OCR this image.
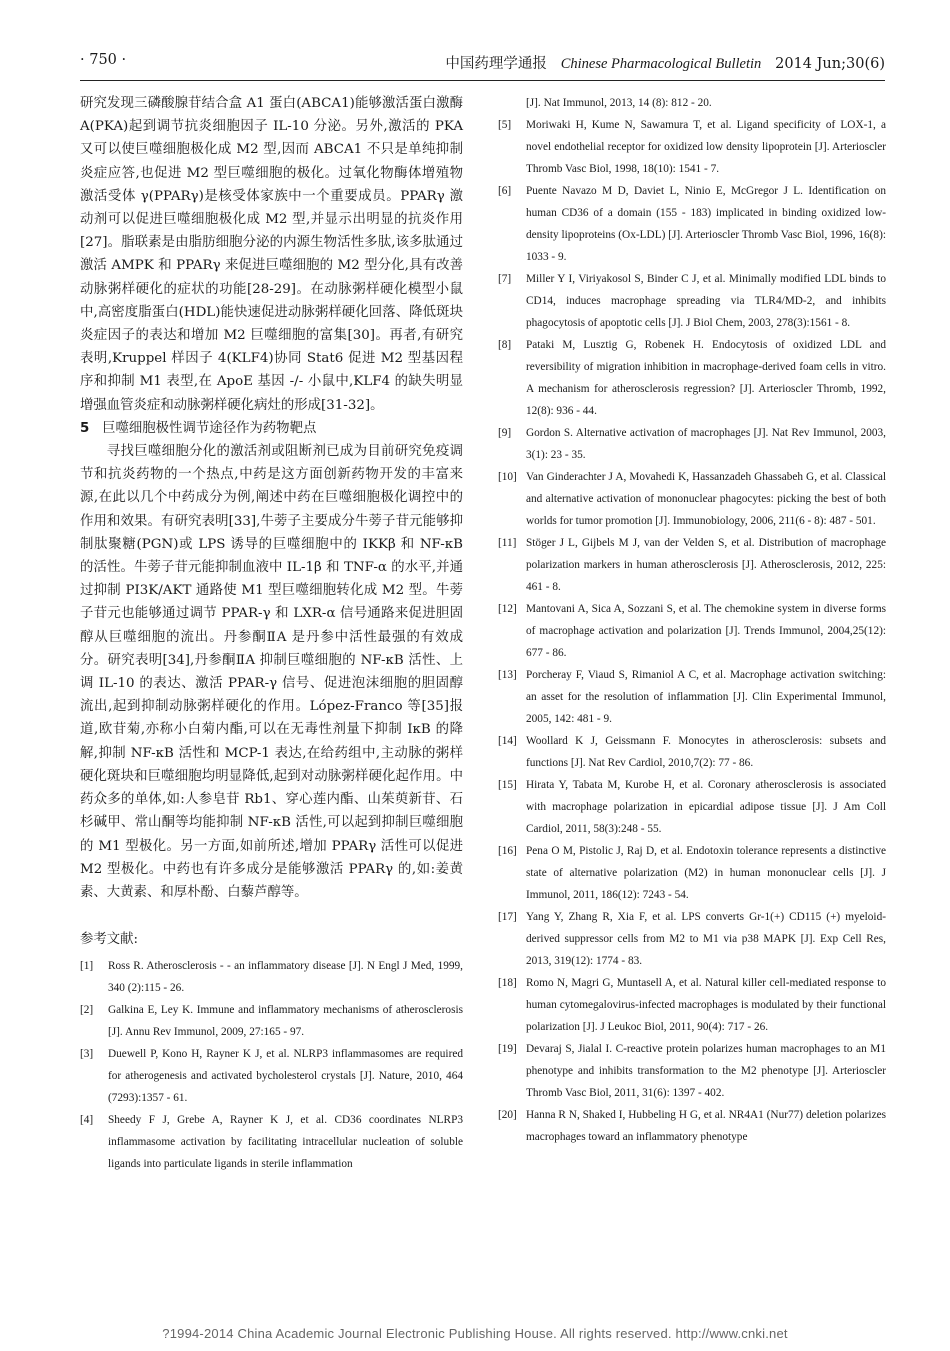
· 750 ·	中国药理学通报 Chinese Pharmacological Bulletin 2014 Jun;30(6)

研究发现三磷酸腺苷结合盒 A1 蛋白(ABCA1)能够激活蛋白激酶 A(PKA)起到调节抗炎细胞因子 IL-10 分泌。另外,激活的 PKA 又可以使巨噬细胞极化成 M2 型,因而 ABCA1 不只是单纯抑制炎症应答,也促进 M2 型巨噬细胞的极化。过氧化物酶体增殖物激活受体 γ(PPARγ)是核受体家族中一个重要成员。PPARγ 激动剂可以促进巨噬细胞极化成 M2 型,并显示出明显的抗炎作用[27]。脂联素是由脂肪细胞分泌的内源生物活性多肽,该多肽通过激活 AMPK 和 PPARγ 来促进巨噬细胞的 M2 型分化,具有改善动脉粥样硬化的症状的功能[28-29]。在动脉粥样硬化模型小鼠中,高密度脂蛋白(HDL)能快速促进动脉粥样硬化回落、降低斑块炎症因子的表达和增加 M2 巨噬细胞的富集[30]。再者,有研究表明,Kruppel 样因子 4(KLF4)协同 Stat6 促进 M2 型基因程序和抑制 M1 表型,在 ApoE 基因 -/- 小鼠中,KLF4 的缺失明显增强血管炎症和动脉粥样硬化病灶的形成[31-32]。

5 巨噬细胞极性调节途径作为药物靶点

寻找巨噬细胞分化的激活剂或阻断剂已成为目前研究免疫调节和抗炎药物的一个热点,中药是这方面创新药物开发的丰富来源,在此以几个中药成分为例,阐述中药在巨噬细胞极化调控中的作用和效果。有研究表明[33],牛蒡子主要成分牛蒡子苷元能够抑制肽聚糖(PGN)或 LPS 诱导的巨噬细胞中的 IKKβ 和 NF-κB 的活性。牛蒡子苷元能抑制血液中 IL-1β 和 TNF-α 的水平,并通过抑制 PI3K/AKT 通路使 M1 型巨噬细胞转化成 M2 型。牛蒡子苷元也能够通过调节 PPAR-γ 和 LXR-α 信号通路来促进胆固醇从巨噬细胞的流出。丹参酮ⅡA 是丹参中活性最强的有效成分。研究表明[34],丹参酮ⅡA 抑制巨噬细胞的 NF-κB 活性、上调 IL-10 的表达、激活 PPAR-γ 信号、促进泡沫细胞的胆固醇流出,起到抑制动脉粥样硬化的作用。López-Franco 等[35]报道,欧苷菊,亦称小白菊内酯,可以在无毒性剂量下抑制 IκB 的降解,抑制 NF-κB 活性和 MCP-1 表达,在给药组中,主动脉的粥样硬化斑块和巨噬细胞均明显降低,起到对动脉粥样硬化起作用。中药众多的单体,如:人参皂苷 Rb1、穿心莲内酯、山茱萸新苷、石杉碱甲、常山酮等均能抑制 NF-κB 活性,可以起到抑制巨噬细胞的 M1 型极化。另一方面,如前所述,增加 PPARγ 活性可以促进 M2 型极化。中药也有许多成分是能够激活 PPARγ 的,如:姜黄素、大黄素、和厚朴酚、白藜芦醇等。

参考文献:

[1]	Ross R. Atherosclerosis - - an inflammatory disease [J]. N Engl J Med, 1999, 340 (2):115 - 26.

[2]	Galkina E, Ley K. Immune and inflammatory mechanisms of atherosclerosis [J]. Annu Rev Immunol, 2009, 27:165 - 97.

[3]	Duewell P, Kono H, Rayner K J, et al. NLRP3 inflammasomes are required for atherogenesis and activated bycholesterol crystals [J]. Nature, 2010, 464 (7293):1357 - 61.

[4]	Sheedy F J, Grebe A, Rayner K J, et al. CD36 coordinates NLRP3 inflammasome activation by facilitating intracellular nucleation of soluble ligands into particulate ligands in sterile inflammation

[J]. Nat Immunol, 2013, 14 (8): 812 - 20.

[5]	Moriwaki H, Kume N, Sawamura T, et al. Ligand specificity of LOX-1, a novel endothelial receptor for oxidized low density lipoprotein [J]. Arterioscler Thromb Vasc Biol, 1998, 18(10): 1541 - 7.

[6]	Puente Navazo M D, Daviet L, Ninio E, McGregor J L. Identification on human CD36 of a domain (155 - 183) implicated in binding oxidized low-density lipoproteins (Ox-LDL) [J]. Arterioscler Thromb Vasc Biol, 1996, 16(8): 1033 - 9.

[7]	Miller Y I, Viriyakosol S, Binder C J, et al. Minimally modified LDL binds to CD14, induces macrophage spreading via TLR4/MD-2, and inhibits phagocytosis of apoptotic cells [J]. J Biol Chem, 2003, 278(3):1561 - 8.

[8]	Pataki M, Lusztig G, Robenek H. Endocytosis of oxidized LDL and reversibility of migration inhibition in macrophage-derived foam cells in vitro. A mechanism for atherosclerosis regression? [J]. Arterioscler Thromb, 1992, 12(8): 936 - 44.

[9]	Gordon S. Alternative activation of macrophages [J]. Nat Rev Immunol, 2003, 3(1): 23 - 35.

[10] Van Ginderachter J A, Movahedi K, Hassanzadeh Ghassabeh G, et al. Classical and alternative activation of mononuclear phagocytes: picking the best of both worlds for tumor promotion [J]. Immunobiology, 2006, 211(6 - 8): 487 - 501.

[11] Stöger J L, Gijbels M J, van der Velden S, et al. Distribution of macrophage polarization markers in human atherosclerosis [J]. Atherosclerosis, 2012, 225: 461 - 8.

[12] Mantovani A, Sica A, Sozzani S, et al. The chemokine system in diverse forms of macrophage activation and polarization [J]. Trends Immunol, 2004,25(12): 677 - 86.

[13] Porcheray F, Viaud S, Rimaniol A C, et al. Macrophage activation switching: an asset for the resolution of inflammation [J]. Clin Experimental Immunol, 2005, 142: 481 - 9.

[14] Woollard K J, Geissmann F. Monocytes in atherosclerosis: subsets and functions [J]. Nat Rev Cardiol, 2010,7(2): 77 - 86.

[15] Hirata Y, Tabata M, Kurobe H, et al. Coronary atherosclerosis is associated with macrophage polarization in epicardial adipose tissue [J]. J Am Coll Cardiol, 2011, 58(3):248 - 55.

[16] Pena O M, Pistolic J, Raj D, et al. Endotoxin tolerance represents a distinctive state of alternative polarization (M2) in human mononuclear cells [J]. J Immunol, 2011, 186(12): 7243 - 54.

[17] Yang Y, Zhang R, Xia F, et al. LPS converts Gr-1(+) CD115 (+) myeloid-derived suppressor cells from M2 to M1 via p38 MAPK [J]. Exp Cell Res, 2013, 319(12): 1774 - 83.

[18] Romo N, Magri G, Muntasell A, et al. Natural killer cell-mediated response to human cytomegalovirus-infected macrophages is modulated by their functional polarization [J]. J Leukoc Biol, 2011, 90(4): 717 - 26.

[19] Devaraj S, Jialal I. C-reactive protein polarizes human macrophages to an M1 phenotype and inhibits transformation to the M2 phenotype [J]. Arterioscler Thromb Vasc Biol, 2011, 31(6): 1397 - 402.

[20] Hanna R N, Shaked I, Hubbeling H G, et al. NR4A1 (Nur77) deletion polarizes macrophages toward an inflammatory phenotype

?1994-2014 China Academic Journal Electronic Publishing House. All rights reserved. http://www.cnki.net
